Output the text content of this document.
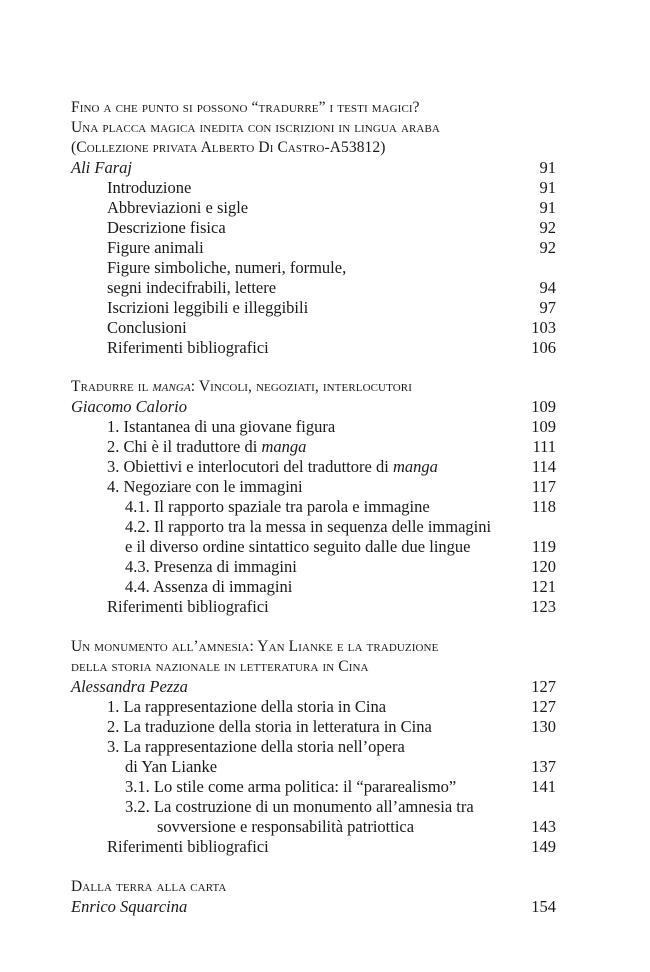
Fino a che punto si possono “tradurre” i testi magici?
Una placca magica inedita con iscrizioni in lingua araba
(Collezione privata Alberto Di Castro-A53812)
Ali Faraj	91
Introduzione	91
Abbreviazioni e sigle	91
Descrizione fisica	92
Figure animali	92
Figure simboliche, numeri, formule,
segni indecifrabili, lettere	94
Iscrizioni leggibili e illeggibili	97
Conclusioni	103
Riferimenti bibliografici	106
Tradurre il manga: Vincoli, negoziati, interlocutori
Giacomo Calorio	109
1. Istantanea di una giovane figura	109
2. Chi è il traduttore di manga	111
3. Obiettivi e interlocutori del traduttore di manga	114
4. Negoziare con le immagini	117
4.1. Il rapporto spaziale tra parola e immagine	118
4.2. Il rapporto tra la messa in sequenza delle immagini
e il diverso ordine sintattico seguito dalle due lingue	119
4.3. Presenza di immagini	120
4.4. Assenza di immagini	121
Riferimenti bibliografici	123
Un monumento all’amnesia: Yan Lianke e la traduzione
della storia nazionale in letteratura in Cina
Alessandra Pezza	127
1. La rappresentazione della storia in Cina	127
2. La traduzione della storia in letteratura in Cina	130
3. La rappresentazione della storia nell’opera
di Yan Lianke	137
3.1. Lo stile come arma politica: il “pararealismo”	141
3.2. La costruzione di un monumento all’amnesia tra
sovversione e responsabilità patriottica	143
Riferimenti bibliografici	149
Dalla terra alla carta
Enrico Squarcina	154
